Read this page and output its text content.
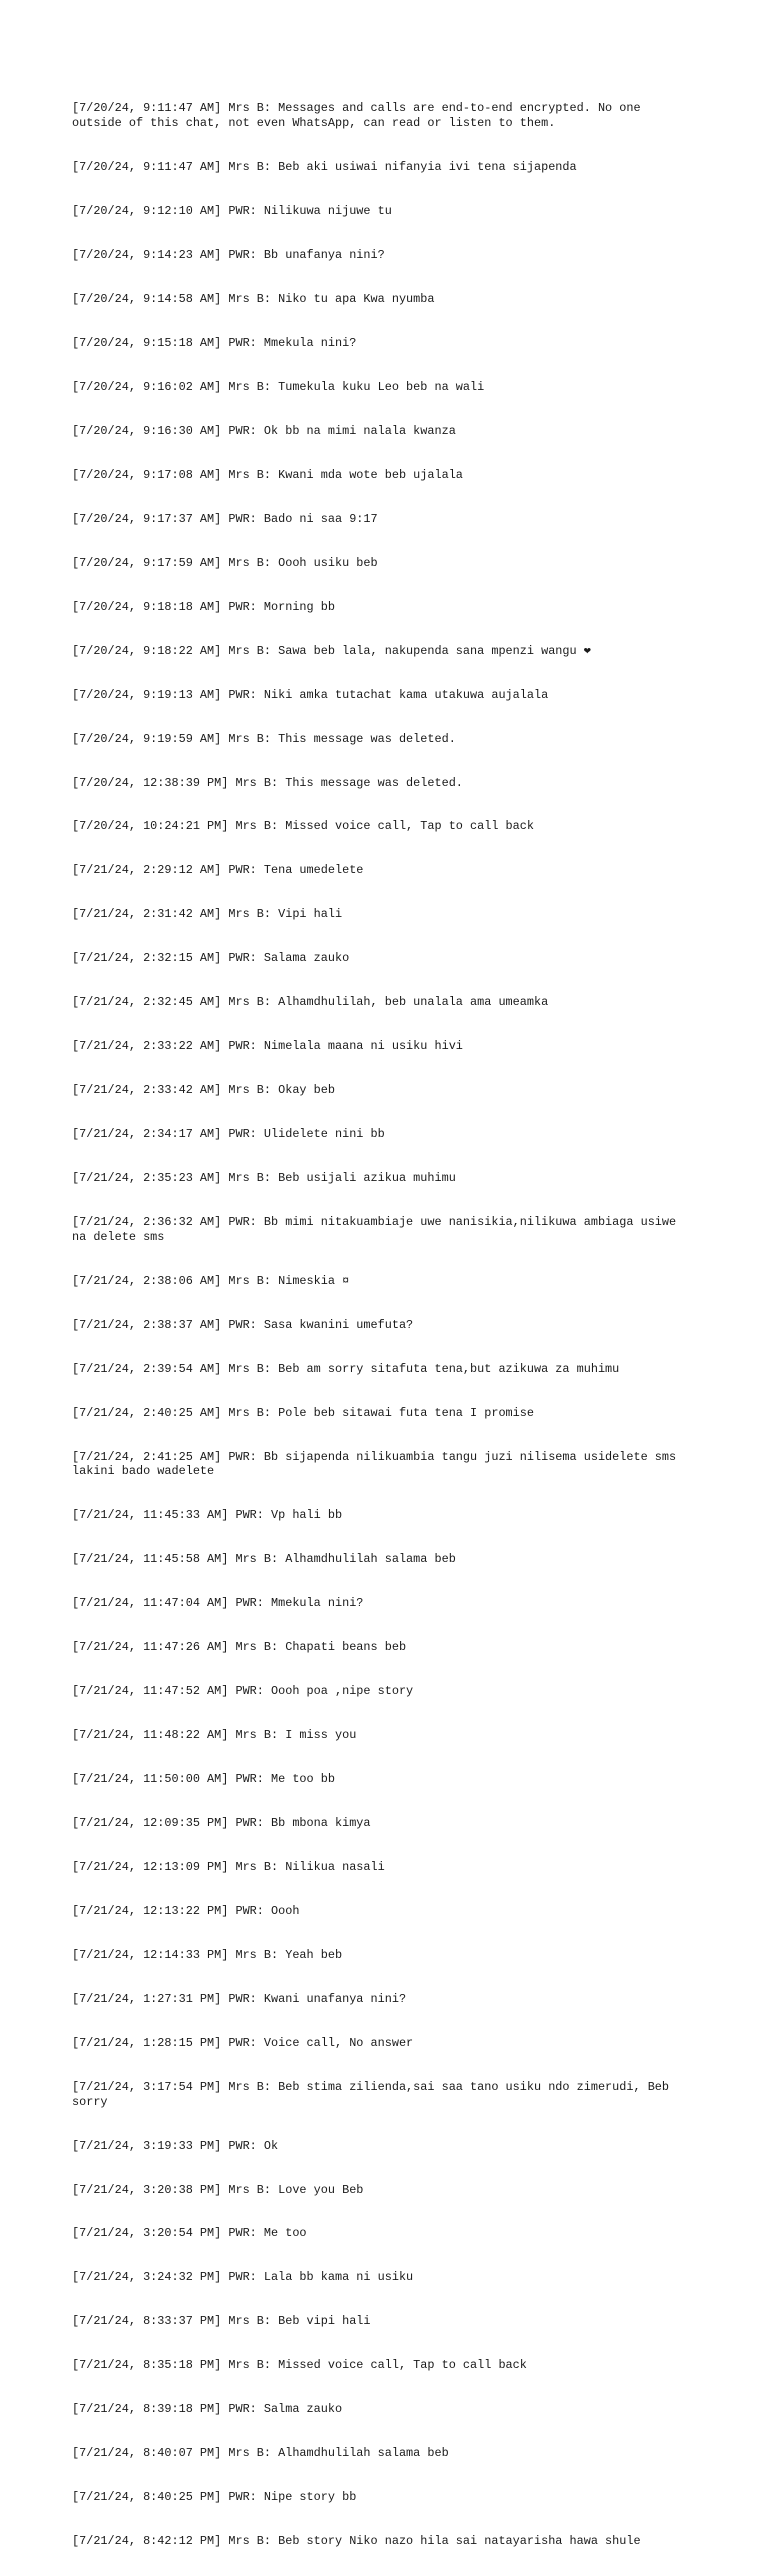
[7/20/24, 9:11:47 AM] Mrs B: Messages and calls are end-to-end encrypted. No one outside of this chat, not even WhatsApp, can read or listen to them.

[7/20/24, 9:11:47 AM] Mrs B: Beb aki usiwai nifanyia ivi tena sijapenda

[7/20/24, 9:12:10 AM] PWR: Nilikuwa nijuwe tu

[7/20/24, 9:14:23 AM] PWR: Bb unafanya nini?

[7/20/24, 9:14:58 AM] Mrs B: Niko tu apa Kwa nyumba

[7/20/24, 9:15:18 AM] PWR: Mmekula nini?

[7/20/24, 9:16:02 AM] Mrs B: Tumekula kuku Leo beb na wali

[7/20/24, 9:16:30 AM] PWR: Ok bb na mimi nalala kwanza

[7/20/24, 9:17:08 AM] Mrs B: Kwani mda wote beb ujalala

[7/20/24, 9:17:37 AM] PWR: Bado ni saa 9:17

[7/20/24, 9:17:59 AM] Mrs B: Oooh usiku beb

[7/20/24, 9:18:18 AM] PWR: Morning bb

[7/20/24, 9:18:22 AM] Mrs B: Sawa beb lala, nakupenda sana mpenzi wangu ❤

[7/20/24, 9:19:13 AM] PWR: Niki amka tutachat kama utakuwa aujalala

[7/20/24, 9:19:59 AM] Mrs B: This message was deleted.

[7/20/24, 12:38:39 PM] Mrs B: This message was deleted.

[7/20/24, 10:24:21 PM] Mrs B: Missed voice call, Tap to call back

[7/21/24, 2:29:12 AM] PWR: Tena umedelete

[7/21/24, 2:31:42 AM] Mrs B: Vipi hali

[7/21/24, 2:32:15 AM] PWR: Salama zauko

[7/21/24, 2:32:45 AM] Mrs B: Alhamdhulilah, beb unalala ama umeamka

[7/21/24, 2:33:22 AM] PWR: Nimelala maana ni usiku hivi

[7/21/24, 2:33:42 AM] Mrs B: Okay beb

[7/21/24, 2:34:17 AM] PWR: Ulidelete nini bb

[7/21/24, 2:35:23 AM] Mrs B: Beb usijali azikua muhimu

[7/21/24, 2:36:32 AM] PWR: Bb mimi nitakuambiaje uwe nanisikia,nilikuwa ambiaga usiwe na delete sms

[7/21/24, 2:38:06 AM] Mrs B: Nimeskia ¤

[7/21/24, 2:38:37 AM] PWR: Sasa kwanini umefuta?

[7/21/24, 2:39:54 AM] Mrs B: Beb am sorry sitafuta tena,but azikuwa za muhimu

[7/21/24, 2:40:25 AM] Mrs B: Pole beb sitawai futa tena I promise

[7/21/24, 2:41:25 AM] PWR: Bb sijapenda nilikuambia tangu juzi nilisema usidelete sms lakini bado wadelete

[7/21/24, 11:45:33 AM] PWR: Vp hali bb

[7/21/24, 11:45:58 AM] Mrs B: Alhamdhulilah salama beb

[7/21/24, 11:47:04 AM] PWR: Mmekula nini?

[7/21/24, 11:47:26 AM] Mrs B: Chapati beans beb

[7/21/24, 11:47:52 AM] PWR: Oooh poa ,nipe story

[7/21/24, 11:48:22 AM] Mrs B: I miss you

[7/21/24, 11:50:00 AM] PWR: Me too bb

[7/21/24, 12:09:35 PM] PWR: Bb mbona kimya

[7/21/24, 12:13:09 PM] Mrs B: Nilikua nasali

[7/21/24, 12:13:22 PM] PWR: Oooh

[7/21/24, 12:14:33 PM] Mrs B: Yeah beb

[7/21/24, 1:27:31 PM] PWR: Kwani unafanya nini?

[7/21/24, 1:28:15 PM] PWR: Voice call, No answer

[7/21/24, 3:17:54 PM] Mrs B: Beb stima zilienda,sai saa tano usiku ndo zimerudi, Beb sorry

[7/21/24, 3:19:33 PM] PWR: Ok

[7/21/24, 3:20:38 PM] Mrs B: Love you Beb

[7/21/24, 3:20:54 PM] PWR: Me too

[7/21/24, 3:24:32 PM] PWR: Lala bb kama ni usiku

[7/21/24, 8:33:37 PM] Mrs B: Beb vipi hali

[7/21/24, 8:35:18 PM] Mrs B: Missed voice call, Tap to call back

[7/21/24, 8:39:18 PM] PWR: Salma zauko

[7/21/24, 8:40:07 PM] Mrs B: Alhamdhulilah salama beb

[7/21/24, 8:40:25 PM] PWR: Nipe story bb

[7/21/24, 8:42:12 PM] Mrs B: Beb story Niko nazo hila sai natayarisha hawa shule
